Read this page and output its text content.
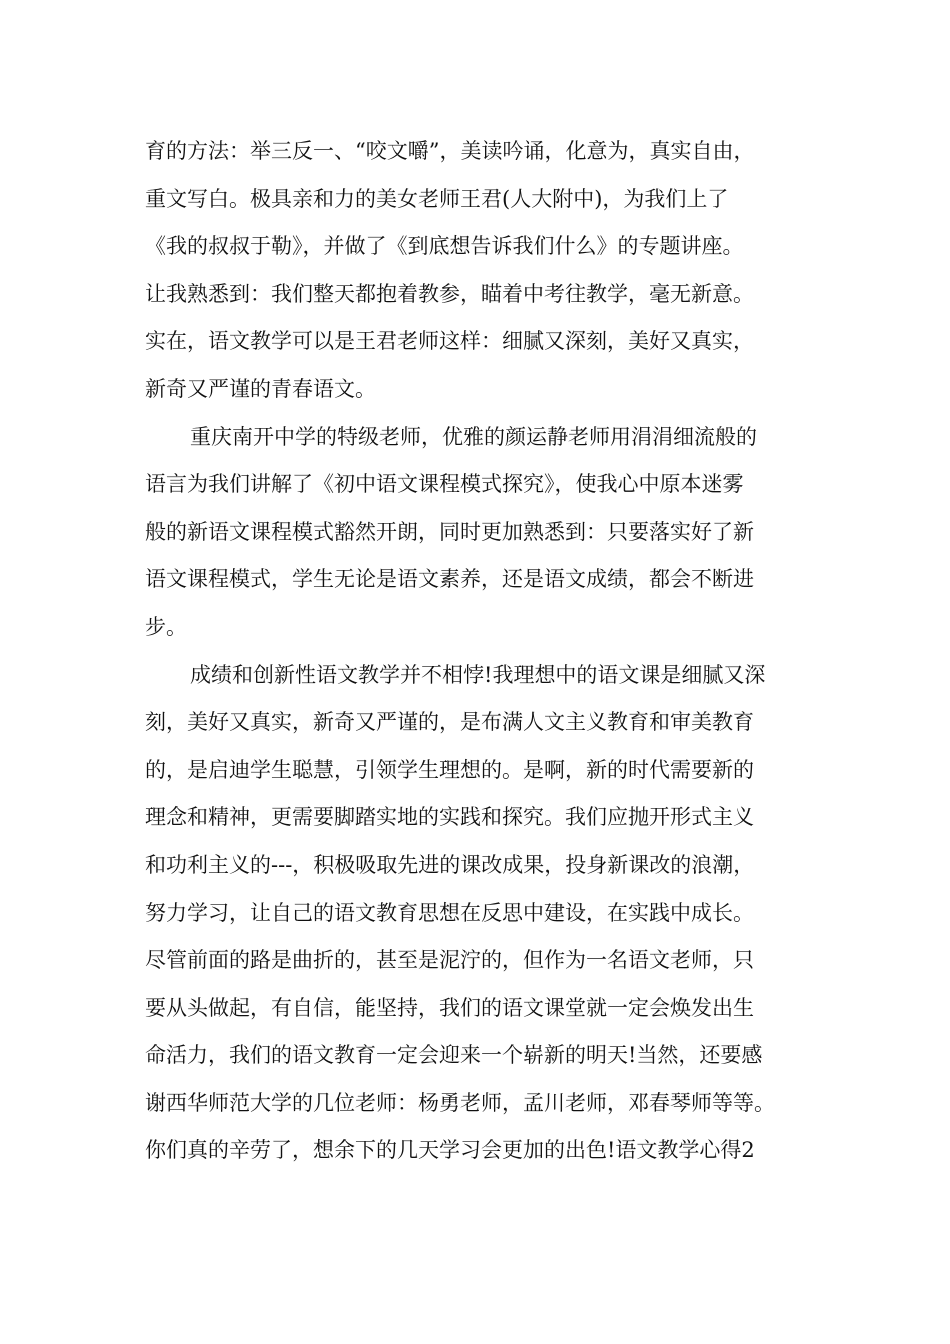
育的方法：举三反一、“咬文嚼”，美读吟诵，化意为，真实自由，
重文写白。极具亲和力的美女老师王君(人大附中)，为我们上了
《我的叔叔于勒》，并做了《到底想告诉我们什么》的专题讲座。
让我熟悉到：我们整天都抱着教参，瞄着中考往教学，毫无新意。
实在，语文教学可以是王君老师这样：细腻又深刻，美好又真实，
新奇又严谨的青春语文。
重庆南开中学的特级老师，优雅的颜运静老师用涓涓细流般的
语言为我们讲解了《初中语文课程模式探究》，使我心中原本迷雾
般的新语文课程模式豁然开朗，同时更加熟悉到：只要落实好了新
语文课程模式，学生无论是语文素养，还是语文成绩，都会不断进
步。
成绩和创新性语文教学并不相悖!我理想中的语文课是细腻又深
刻，美好又真实，新奇又严谨的，是布满人文主义教育和审美教育
的，是启迪学生聪慧，引领学生理想的。是啊，新的时代需要新的
理念和精神，更需要脚踏实地的实践和探究。我们应抛开形式主义
和功利主义的---，积极吸取先进的课改成果，投身新课改的浪潮，
努力学习，让自己的语文教育思想在反思中建设，在实践中成长。
尽管前面的路是曲折的，甚至是泥泞的，但作为一名语文老师，只
要从头做起，有自信，能坚持，我们的语文课堂就一定会焕发出生
命活力，我们的语文教育一定会迎来一个崭新的明天!当然，还要感
谢西华师范大学的几位老师：杨勇老师，孟川老师，邓春琴师等等。
你们真的辛劳了，想余下的几天学习会更加的出色!语文教学心得2
